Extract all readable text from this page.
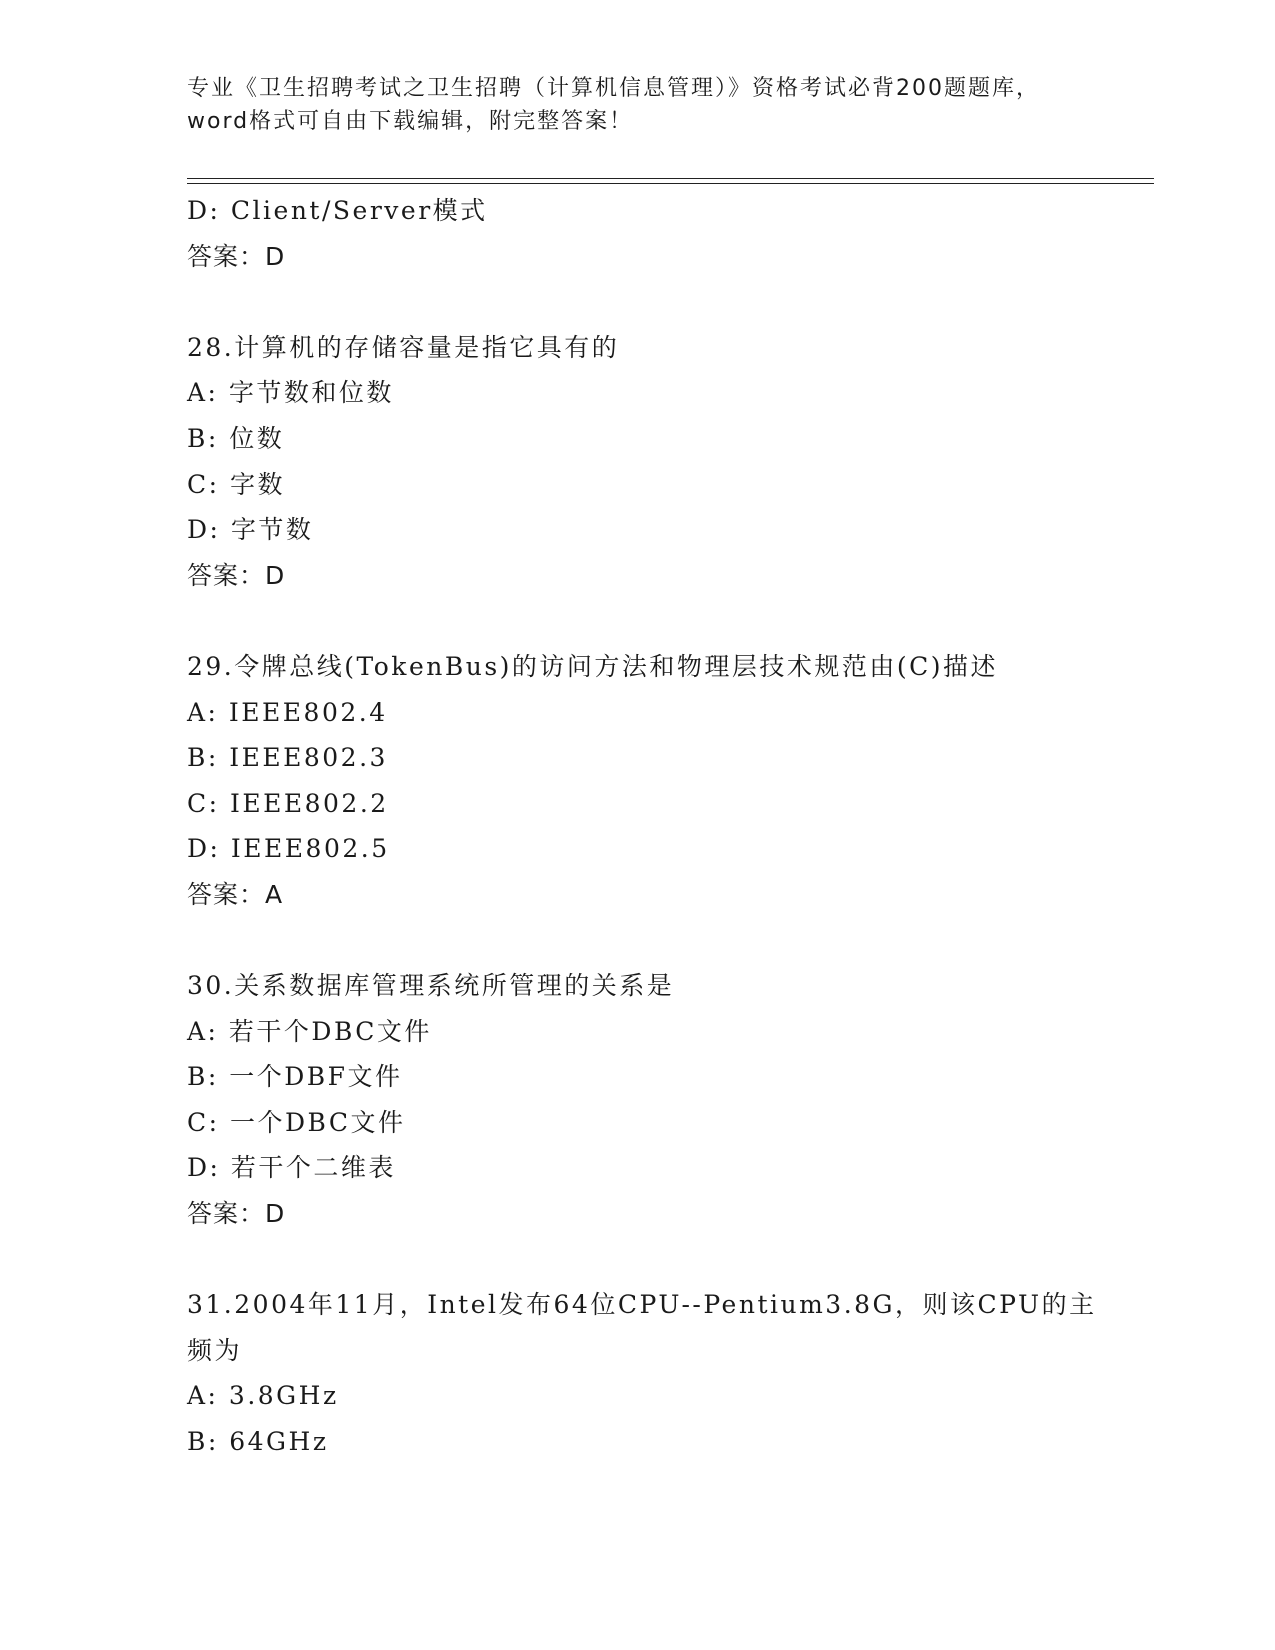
专业《卫生招聘考试之卫生招聘（计算机信息管理）》资格考试必背200题题库，
word格式可自由下载编辑，附完整答案！
D: Client/Server模式
答案：D
28.计算机的存储容量是指它具有的
A: 字节数和位数
B: 位数
C: 字数
D: 字节数
答案：D
29.令牌总线(TokenBus)的访问方法和物理层技术规范由(C)描述
A: IEEE802.4
B: IEEE802.3
C: IEEE802.2
D: IEEE802.5
答案：A
30.关系数据库管理系统所管理的关系是
A: 若干个DBC文件
B: 一个DBF文件
C: 一个DBC文件
D: 若干个二维表
答案：D
31.2004年11月，Intel发布64位CPU--Pentium3.8G，则该CPU的主
频为
A: 3.8GHz
B: 64GHz
